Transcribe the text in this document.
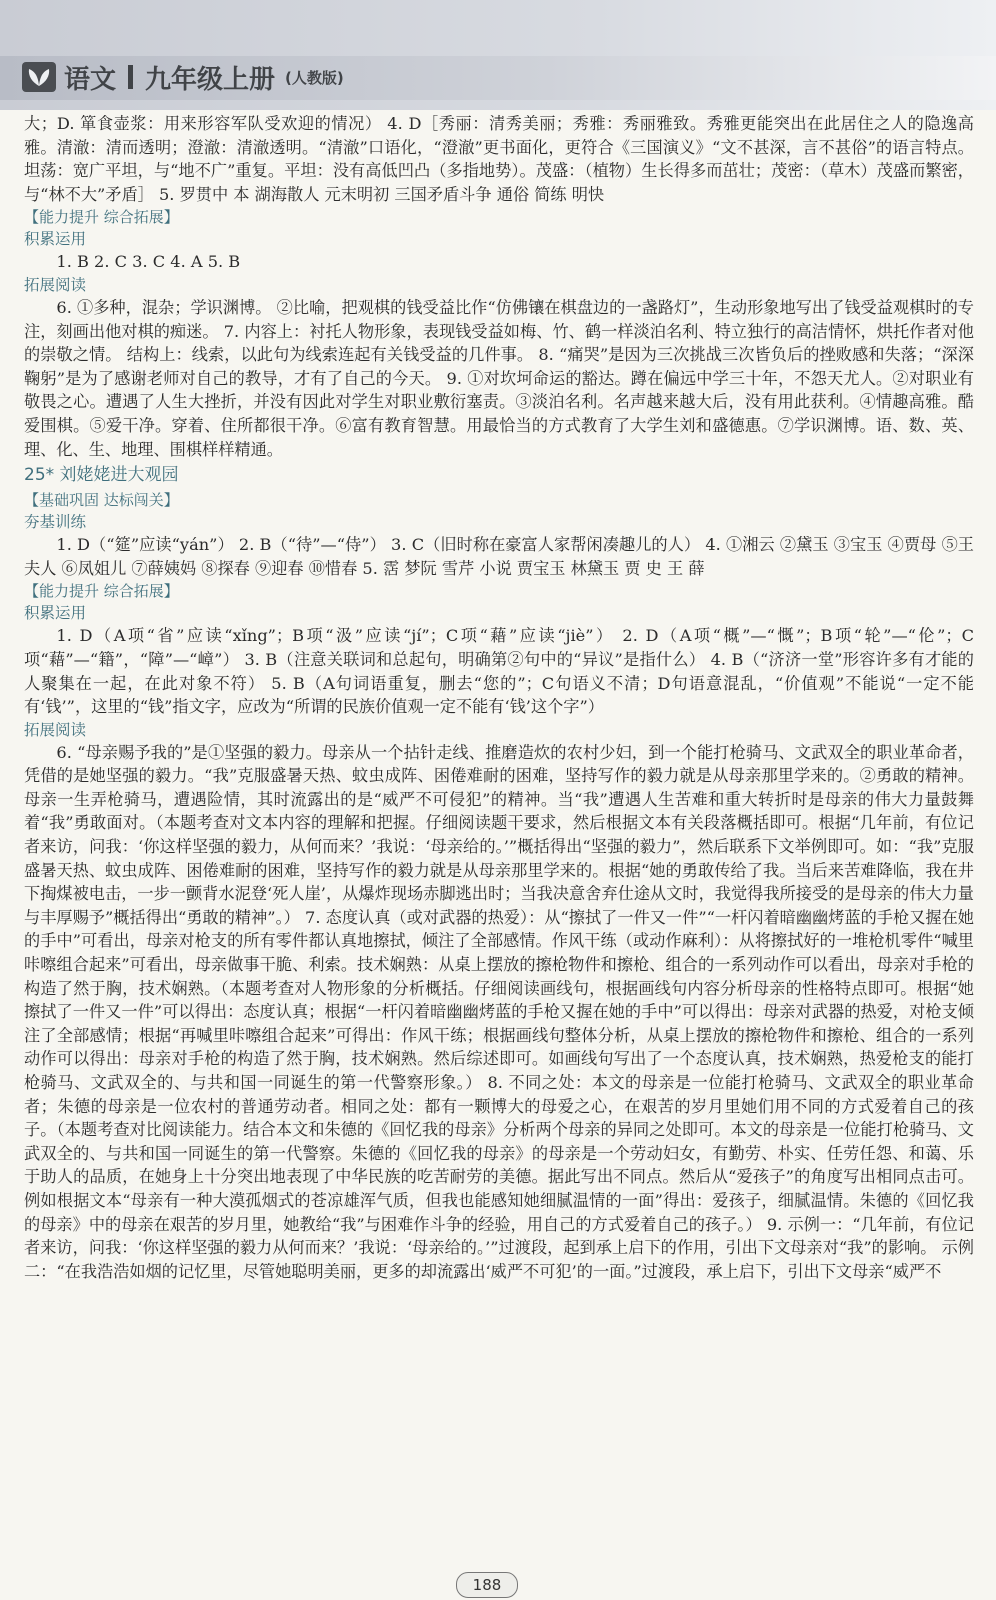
语文 九年级上册 (人教版)

大；D. 箪食壶浆：用来形容军队受欢迎的情况） 4. D［秀丽：清秀美丽；秀雅：秀丽雅致。秀雅更能突出在此居住之人的隐逸高雅。清澈：清而透明；澄澈：清澈透明。“清澈”口语化，“澄澈”更书面化，更符合《三国演义》“文不甚深，言不甚俗”的语言特点。坦荡：宽广平坦，与“地不广”重复。平坦：没有高低凹凸（多指地势）。茂盛：（植物）生长得多而茁壮；茂密：（草木）茂盛而繁密，与“林不大”矛盾］ 5. 罗贯中 本 湖海散人 元末明初 三国矛盾斗争 通俗 简练 明快

【能力提升 综合拓展】

积累运用

1. B 2. C 3. C 4. A 5. B

拓展阅读

6. ①多种，混杂；学识渊博。 ②比喻，把观棋的钱受益比作“仿佛镶在棋盘边的一盏路灯”，生动形象地写出了钱受益观棋时的专注，刻画出他对棋的痴迷。 7. 内容上：衬托人物形象，表现钱受益如梅、竹、鹤一样淡泊名利、特立独行的高洁情怀，烘托作者对他的崇敬之情。 结构上：线索，以此句为线索连起有关钱受益的几件事。 8. “痛哭”是因为三次挑战三次皆负后的挫败感和失落；“深深鞠躬”是为了感谢老师对自己的教导，才有了自己的今天。 9. ①对坎坷命运的豁达。蹲在偏远中学三十年，不怨天尤人。②对职业有敬畏之心。遭遇了人生大挫折，并没有因此对学生对职业敷衍塞责。③淡泊名利。名声越来越大后，没有用此获利。④情趣高雅。酷爱围棋。⑤爱干净。穿着、住所都很干净。⑥富有教育智慧。用最恰当的方式教育了大学生刘和盛德惠。⑦学识渊博。语、数、英、理、化、生、地理、围棋样样精通。

25* 刘姥姥进大观园

【基础巩固 达标闯关】

夯基训练

1. D（“筵”应读“yán”） 2. B（“待”—“侍”） 3. C（旧时称在豪富人家帮闲凑趣儿的人） 4. ①湘云 ②黛玉 ③宝玉 ④贾母 ⑤王夫人 ⑥凤姐儿 ⑦薛姨妈 ⑧探春 ⑨迎春 ⑩惜春 5. 霑 梦阮 雪芹 小说 贾宝玉 林黛玉 贾 史 王 薛

【能力提升 综合拓展】

积累运用

1. D（A项“省”应读“xǐng”；B项“汲”应读“jí”；C项“藉”应读“jiè”） 2. D（A项“概”—“慨”；B项“轮”—“伦”；C项“藉”—“籍”，“障”—“嶂”） 3. B（注意关联词和总起句，明确第②句中的“异议”是指什么） 4. B（“济济一堂”形容许多有才能的人聚集在一起，在此对象不符） 5. B（A句词语重复，删去“您的”；C句语义不清；D句语意混乱，“价值观”不能说“一定不能有‘钱’”，这里的“钱”指文字，应改为“所谓的民族价值观一定不能有‘钱’这个字”）

拓展阅读

6. “母亲赐予我的”是①坚强的毅力。母亲从一个拈针走线、推磨造炊的农村少妇，到一个能打枪骑马、文武双全的职业革命者，凭借的是她坚强的毅力。“我”克服盛暑天热、蚊虫成阵、困倦难耐的困难，坚持写作的毅力就是从母亲那里学来的。②勇敢的精神。母亲一生弄枪骑马，遭遇险情，其时流露出的是“威严不可侵犯”的精神。当“我”遭遇人生苦难和重大转折时是母亲的伟大力量鼓舞着“我”勇敢面对。（本题考查对文本内容的理解和把握。仔细阅读题干要求，然后根据文本有关段落概括即可。根据“几年前，有位记者来访，问我：‘你这样坚强的毅力，从何而来？’我说：‘母亲给的。’”概括得出“坚强的毅力”，然后联系下文举例即可。如：“我”克服盛暑天热、蚊虫成阵、困倦难耐的困难，坚持写作的毅力就是从母亲那里学来的。根据“她的勇敢传给了我。当后来苦难降临，我在井下掏煤被电击，一步一颤背水泥登‘死人崖’，从爆炸现场赤脚逃出时；当我决意舍弃仕途从文时，我觉得我所接受的是母亲的伟大力量与丰厚赐予”概括得出“勇敢的精神”。） 7. 态度认真（或对武器的热爱）：从“擦拭了一件又一件”“一杆闪着暗幽幽烤蓝的手枪又握在她的手中”可看出，母亲对枪支的所有零件都认真地擦拭，倾注了全部感情。作风干练（或动作麻利）：从将擦拭好的一堆枪机零件“喊里咔嚓组合起来”可看出，母亲做事干脆、利索。技术娴熟：从桌上摆放的擦枪物件和擦枪、组合的一系列动作可以看出，母亲对手枪的构造了然于胸，技术娴熟。（本题考查对人物形象的分析概括。仔细阅读画线句，根据画线句内容分析母亲的性格特点即可。根据“她擦拭了一件又一件”可以得出：态度认真；根据“一杆闪着暗幽幽烤蓝的手枪又握在她的手中”可以得出：母亲对武器的热爱，对枪支倾注了全部感情；根据“再喊里咔嚓组合起来”可得出：作风干练；根据画线句整体分析，从桌上摆放的擦枪物件和擦枪、组合的一系列动作可以得出：母亲对手枪的构造了然于胸，技术娴熟。然后综述即可。如画线句写出了一个态度认真，技术娴熟，热爱枪支的能打枪骑马、文武双全的、与共和国一同诞生的第一代警察形象。） 8. 不同之处：本文的母亲是一位能打枪骑马、文武双全的职业革命者；朱德的母亲是一位农村的普通劳动者。相同之处：都有一颗博大的母爱之心，在艰苦的岁月里她们用不同的方式爱着自己的孩子。（本题考查对比阅读能力。结合本文和朱德的《回忆我的母亲》分析两个母亲的异同之处即可。本文的母亲是一位能打枪骑马、文武双全的、与共和国一同诞生的第一代警察。朱德的《回忆我的母亲》的母亲是一个劳动妇女，有勤劳、朴实、任劳任怨、和蔼、乐于助人的品质，在她身上十分突出地表现了中华民族的吃苦耐劳的美德。据此写出不同点。然后从“爱孩子”的角度写出相同点击可。例如根据文本“母亲有一种大漠孤烟式的苍凉雄浑气质，但我也能感知她细腻温情的一面”得出：爱孩子，细腻温情。朱德的《回忆我的母亲》中的母亲在艰苦的岁月里，她教给“我”与困难作斗争的经验，用自己的方式爱着自己的孩子。） 9. 示例一：“几年前，有位记者来访，问我：‘你这样坚强的毅力从何而来？’我说：‘母亲给的。’”过渡段，起到承上启下的作用，引出下文母亲对“我”的影响。 示例二：“在我浩浩如烟的记忆里，尽管她聪明美丽，更多的却流露出‘威严不可犯’的一面。”过渡段，承上启下，引出下文母亲“威严不

188
